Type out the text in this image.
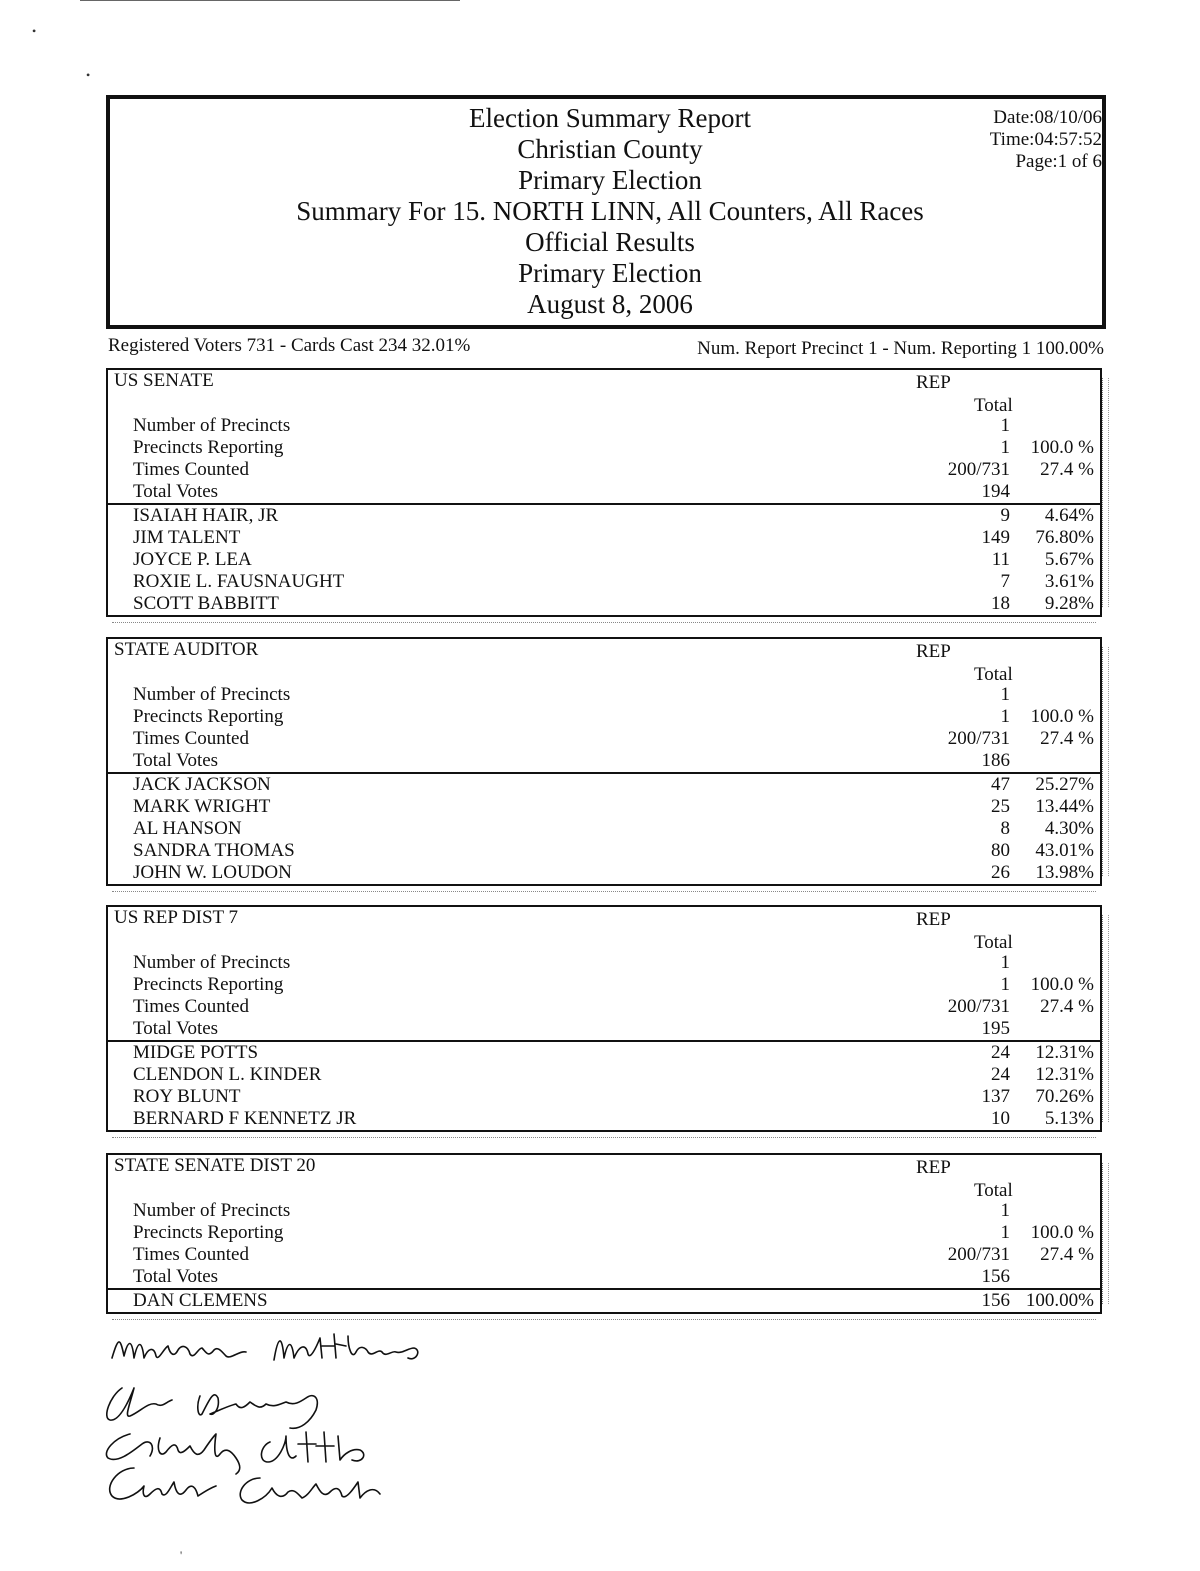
•
•
Election Summary Report
Christian County
Primary Election
Summary For 15. NORTH LINN, All Counters, All Races
Official Results
Primary Election
August 8, 2006
Date:08/10/06
Time:04:57:52
Page:1 of 6
Registered Voters 731 - Cards Cast 234 32.01%	Num. Report Precinct 1 - Num. Reporting 1 100.00%
US SENATE	REP
Total
Number of Precincts	1
Precincts Reporting	1 100.0 %
Times Counted	200/731 27.4 %
Total Votes	194
ISAIAH HAIR, JR	9 4.64%
JIM TALENT	149 76.80%
JOYCE P. LEA	11 5.67%
ROXIE L. FAUSNAUGHT	7 3.61%
SCOTT BABBITT	18 9.28%
STATE AUDITOR	REP
Total
Number of Precincts	1
Precincts Reporting	1 100.0 %
Times Counted	200/731 27.4 %
Total Votes	186
JACK JACKSON	47 25.27%
MARK WRIGHT	25 13.44%
AL HANSON	8 4.30%
SANDRA THOMAS	80 43.01%
JOHN W. LOUDON	26 13.98%
US REP DIST 7	REP
Total
Number of Precincts	1
Precincts Reporting	1 100.0 %
Times Counted	200/731 27.4 %
Total Votes	195
MIDGE POTTS	24 12.31%
CLENDON L. KINDER	24 12.31%
ROY BLUNT	137 70.26%
BERNARD F KENNETZ JR	10 5.13%
STATE SENATE DIST 20	REP
Total
Number of Precincts	1
Precincts Reporting	1 100.0 %
Times Counted	200/731 27.4 %
Total Votes	156
DAN CLEMENS	156 100.00%
'
